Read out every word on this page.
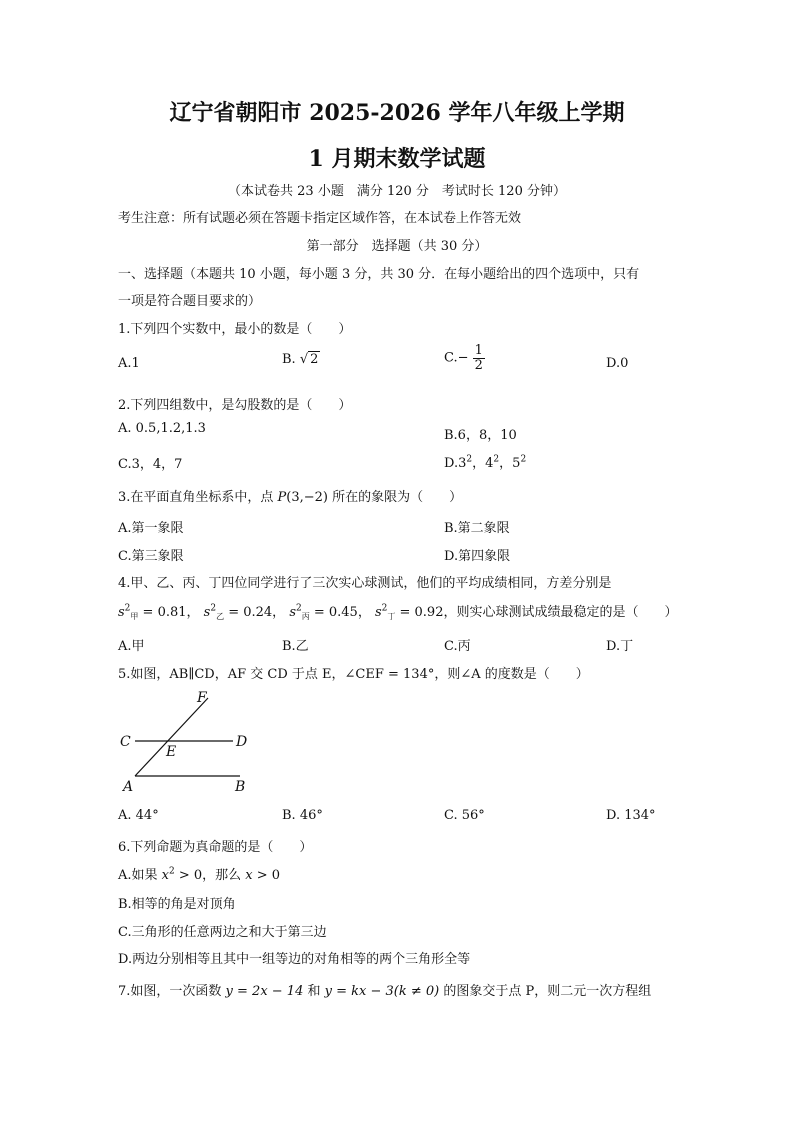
辽宁省朝阳市 2025-2026 学年八年级上学期
1 月期末数学试题
（本试卷共 23 小题　满分 120 分　考试时长 120 分钟）
考生注意：所有试题必须在答题卡指定区域作答，在本试卷上作答无效
第一部分　选择题（共 30 分）
一、选择题（本题共 10 小题，每小题 3 分，共 30 分．在每小题给出的四个选项中，只有
一项是符合题目要求的）
1.下列四个实数中，最小的数是（　　）
A.1	B. √ 2	$C.- \frac{1}{2}$	D.0
2.下列四组数中，是勾股数的是（　　）
A. 0.5,1.2,1.3	B.6，8，10
C.3，4，7	$D.3^2$，$4^2$，$5^2$
3.在平面直角坐标系中，点 P(3,−2) 所在的象限为（　　）
A.第一象限	B.第二象限
C.第三象限	D.第四象限
4.甲、乙、丙、丁四位同学进行了三次实心球测试，他们的平均成绩相同，方差分别是
$s^2_甲 = 0.81$， $s^2_乙 = 0.24$， $s^2_丙 = 0.45$， $s^2_丁 = 0.92$，则实心球测试成绩最稳定的是（　　）
A.甲	B.乙	C.丙	D.丁
5.如图，AB∥CD，AF 交 CD 于点 E，∠CEF = 134°，则∠A 的度数是（　　）
F
C
E
D
A	B
A. 44°	B. 46°	C. 56°	D. 134°
6.下列命题为真命题的是（　　）
A.如果 $x^2 > 0$，那么 x > 0
B.相等的角是对顶角
C.三角形的任意两边之和大于第三边
D.两边分别相等且其中一组等边的对角相等的两个三角形全等
7.如图，一次函数 y = 2x − 14 和 y = kx − 3(k ≠ 0) 的图象交于点 P，则二元一次方程组
